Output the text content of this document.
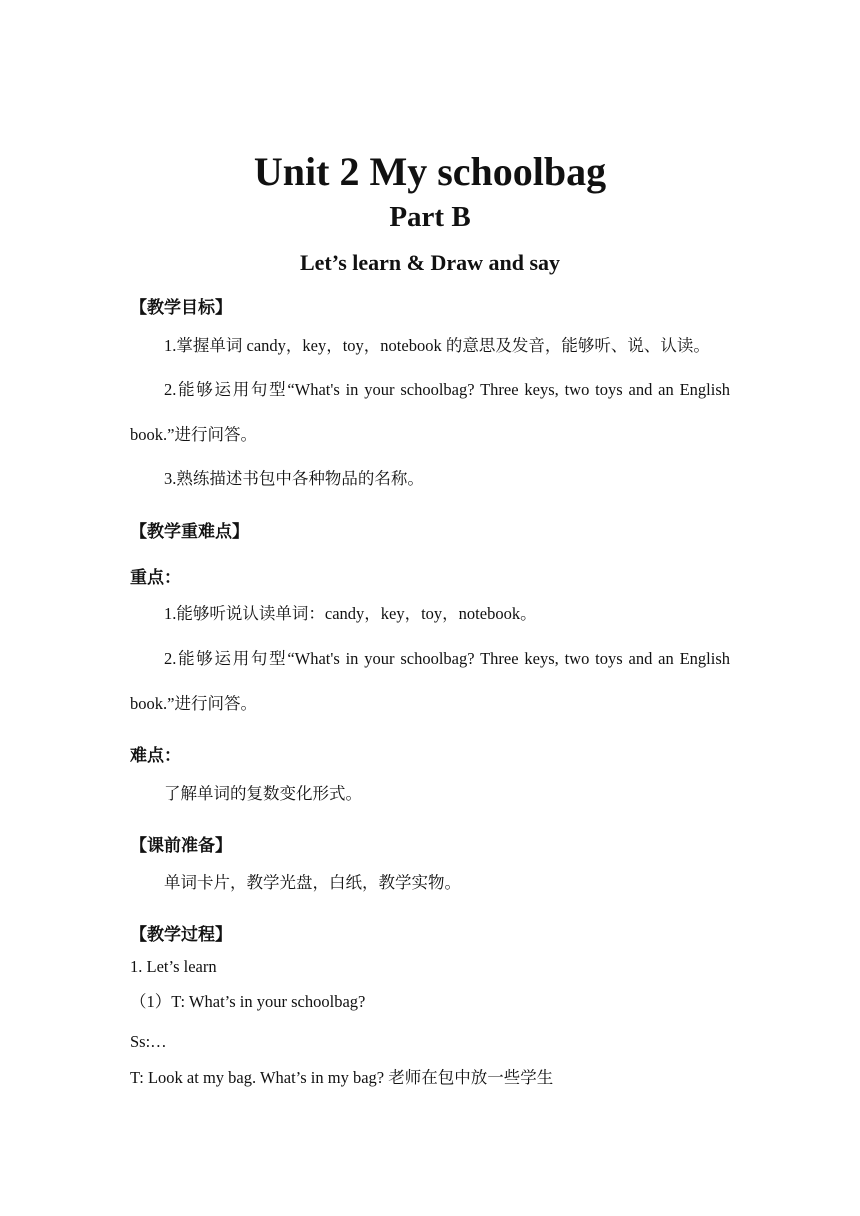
Unit 2 My schoolbag
Part B
Let’s learn & Draw and say
【教学目标】
1.掌握单词 candy，key，toy，notebook 的意思及发音，能够听、说、认读。
2.能够运用句型“What's in your schoolbag? Three keys, two toys and an English
book.”进行问答。
3.熟练描述书包中各种物品的名称。
【教学重难点】
重点：
1.能够听说认读单词：candy，key，toy，notebook。
2.能够运用句型“What's in your schoolbag? Three keys, two toys and an English
book.”进行问答。
难点：
了解单词的复数变化形式。
【课前准备】
单词卡片，教学光盘，白纸，教学实物。
【教学过程】
1. Let’s learn
（1）T: What’s in your schoolbag?
Ss:…
T: Look at my bag. What’s in my bag? 老师在包中放一些学生
